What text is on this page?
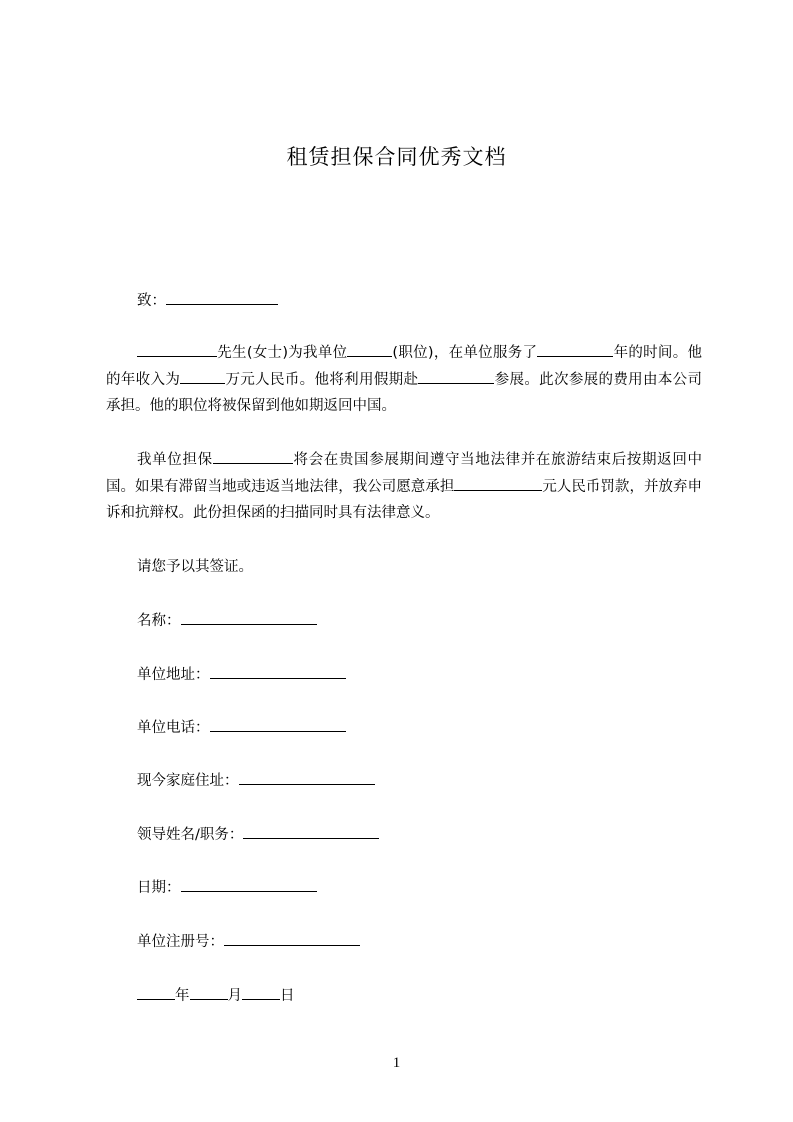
租赁担保合同优秀文档
致：
先生(女士)为我单位	(职位)，在单位服务了	年的时间。他的年收入为	万元人民币。他将利用假期赴	参展。此次参展的费用由本公司承担。他的职位将被保留到他如期返回中国。
我单位担保	将会在贵国参展期间遵守当地法律并在旅游结束后按期返回中国。如果有滞留当地或违返当地法律，我公司愿意承担	元人民币罚款，并放弃申诉和抗辩权。此份担保函的扫描同时具有法律意义。
请您予以其签证。
名称：
单位地址：
单位电话：
现今家庭住址：
领导姓名/职务：
日期：
单位注册号：
年	月	日
1
